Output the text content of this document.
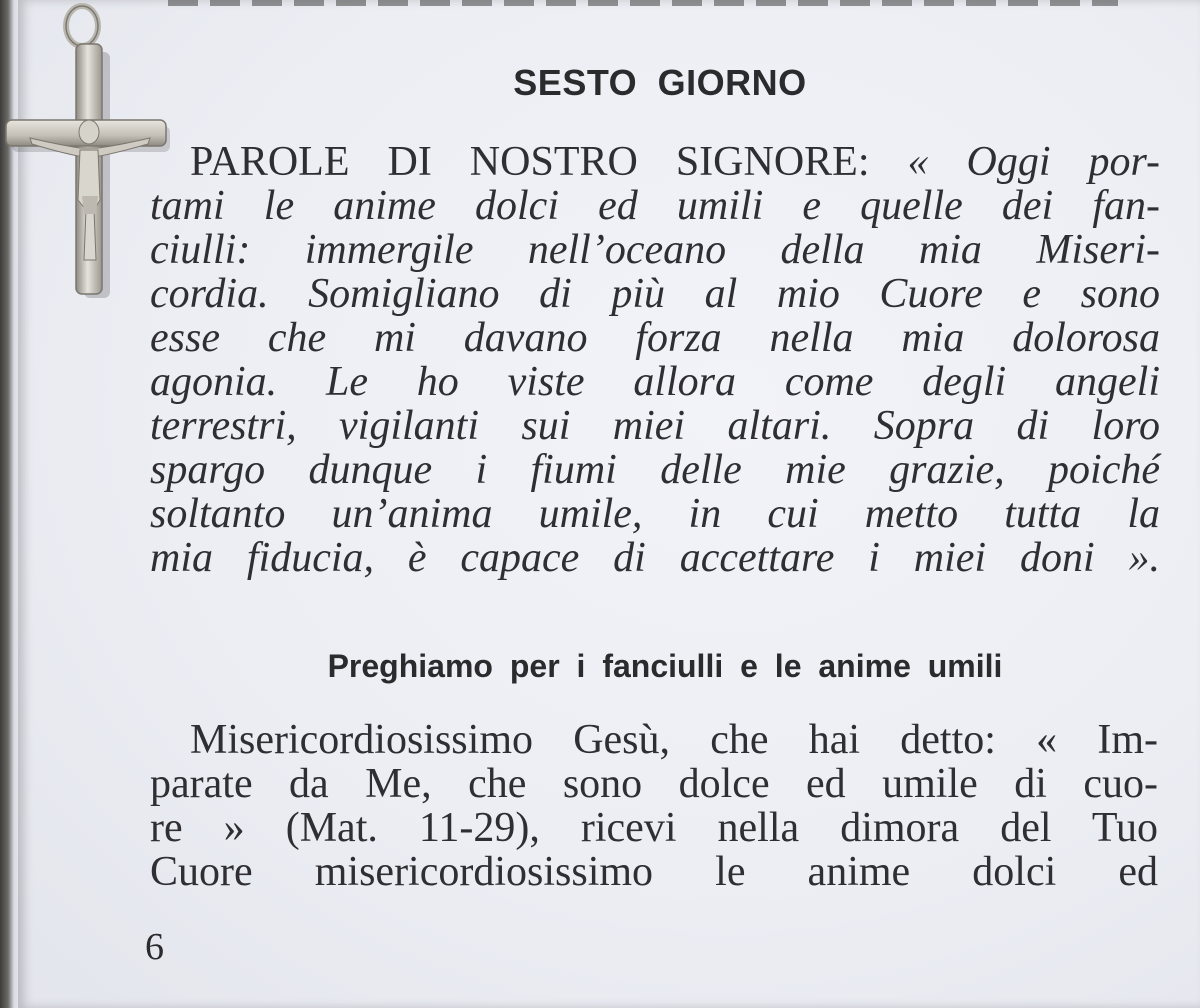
SESTO GIORNO
PAROLE DI NOSTRO SIGNORE: « Oggi por-
tami le anime dolci ed umili e quelle dei fan-
ciulli: immergile nell’oceano della mia Miseri-
cordia. Somigliano di più al mio Cuore e sono
esse che mi davano forza nella mia dolorosa
agonia. Le ho viste allora come degli angeli
terrestri, vigilanti sui miei altari. Sopra di loro
spargo dunque i fiumi delle mie grazie, poiché
soltanto un’anima umile, in cui metto tutta la
mia fiducia, è capace di accettare i miei doni ».
Preghiamo per i fanciulli e le anime umili
Misericordiosissimo Gesù, che hai detto: « Im-
parate da Me, che sono dolce ed umile di cuo-
re » (Mat. 11-29), ricevi nella dimora del Tuo
Cuore misericordiosissimo le anime dolci ed
6
